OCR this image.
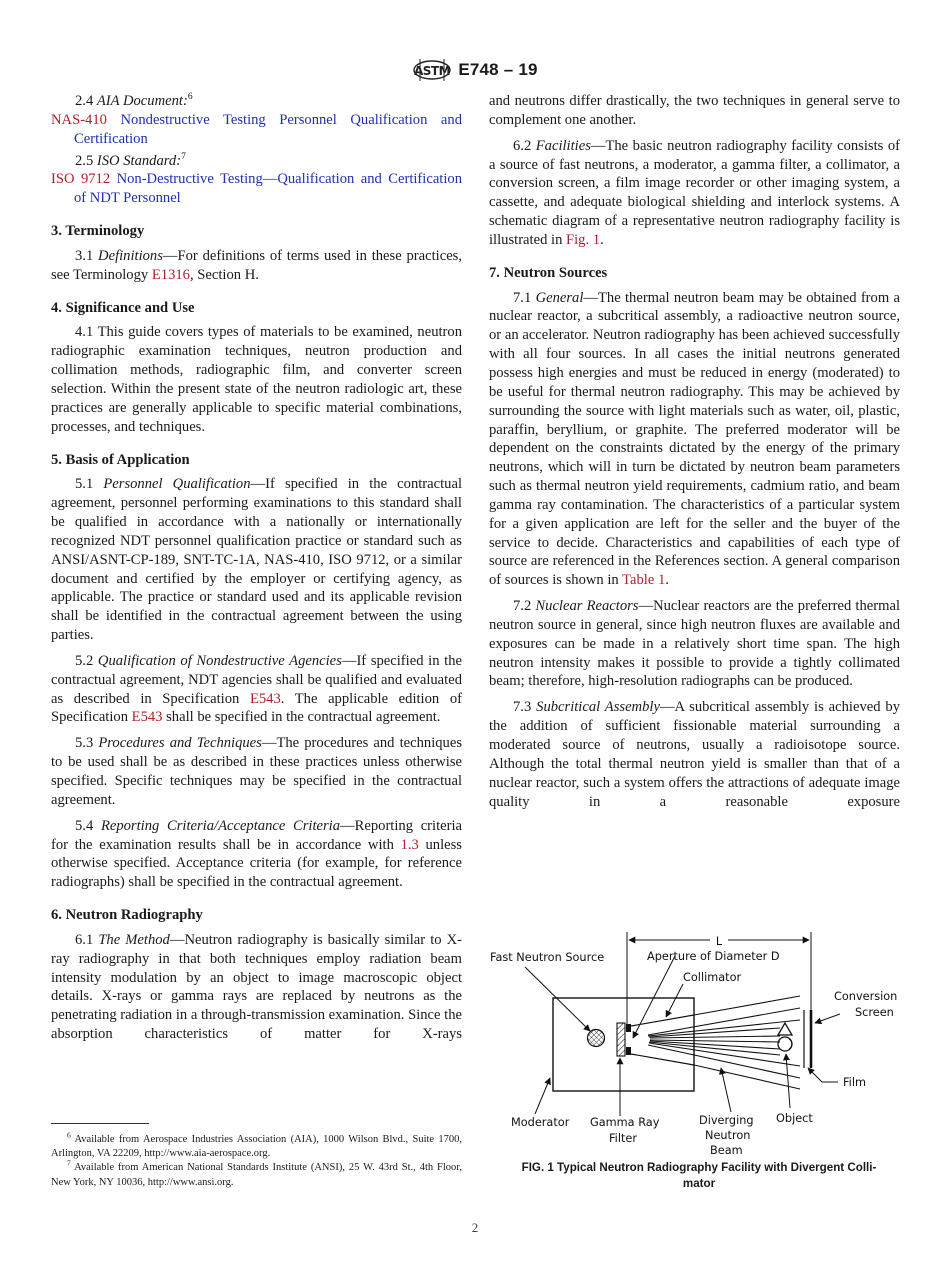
ASTM E748 – 19

2.4 AIA Document:$^6$

NAS-410 Nondestructive Testing Personnel Qualification and Certification

2.5 ISO Standard:$^7$

ISO 9712 Non-Destructive Testing—Qualification and Certification of NDT Personnel

3. Terminology

3.1 Definitions—For definitions of terms used in these practices, see Terminology E1316, Section H.

4. Significance and Use

4.1 This guide covers types of materials to be examined, neutron radiographic examination techniques, neutron production and collimation methods, radiographic film, and converter screen selection. Within the present state of the neutron radiologic art, these practices are generally applicable to specific material combinations, processes, and techniques.

5. Basis of Application

5.1 Personnel Qualification—If specified in the contractual agreement, personnel performing examinations to this standard shall be qualified in accordance with a nationally or internationally recognized NDT personnel qualification practice or standard such as ANSI/ASNT-CP-189, SNT-TC-1A, NAS-410, ISO 9712, or a similar document and certified by the employer or certifying agency, as applicable. The practice or standard used and its applicable revision shall be identified in the contractual agreement between the using parties.

5.2 Qualification of Nondestructive Agencies—If specified in the contractual agreement, NDT agencies shall be qualified and evaluated as described in Specification E543. The applicable edition of Specification E543 shall be specified in the contractual agreement.

5.3 Procedures and Techniques—The procedures and techniques to be used shall be as described in these practices unless otherwise specified. Specific techniques may be specified in the contractual agreement.

5.4 Reporting Criteria/Acceptance Criteria—Reporting criteria for the examination results shall be in accordance with 1.3 unless otherwise specified. Acceptance criteria (for example, for reference radiographs) shall be specified in the contractual agreement.

6. Neutron Radiography

6.1 The Method—Neutron radiography is basically similar to X-ray radiography in that both techniques employ radiation beam intensity modulation by an object to image macroscopic object details. X-rays or gamma rays are replaced by neutrons as the penetrating radiation in a through-transmission examination. Since the absorption characteristics of matter for X-rays

$^6$ Available from Aerospace Industries Association (AIA), 1000 Wilson Blvd., Suite 1700, Arlington, VA 22209, http://www.aia-aerospace.org.

$^7$ Available from American National Standards Institute (ANSI), 25 W. 43rd St., 4th Floor, New York, NY 10036, http://www.ansi.org.

and neutrons differ drastically, the two techniques in general serve to complement one another.

6.2 Facilities—The basic neutron radiography facility consists of a source of fast neutrons, a moderator, a gamma filter, a collimator, a conversion screen, a film image recorder or other imaging system, a cassette, and adequate biological shielding and interlock systems. A schematic diagram of a representative neutron radiography facility is illustrated in Fig. 1.

7. Neutron Sources

7.1 General—The thermal neutron beam may be obtained from a nuclear reactor, a subcritical assembly, a radioactive neutron source, or an accelerator. Neutron radiography has been achieved successfully with all four sources. In all cases the initial neutrons generated possess high energies and must be reduced in energy (moderated) to be useful for thermal neutron radiography. This may be achieved by surrounding the source with light materials such as water, oil, plastic, paraffin, beryllium, or graphite. The preferred moderator will be dependent on the constraints dictated by the energy of the primary neutrons, which will in turn be dictated by neutron beam parameters such as thermal neutron yield requirements, cadmium ratio, and beam gamma ray contamination. The characteristics of a particular system for a given application are left for the seller and the buyer of the service to decide. Characteristics and capabilities of each type of source are referenced in the References section. A general comparison of sources is shown in Table 1.

7.2 Nuclear Reactors—Nuclear reactors are the preferred thermal neutron source in general, since high neutron fluxes are available and exposures can be made in a relatively short time span. The high neutron intensity makes it possible to provide a tightly collimated beam; therefore, high-resolution radiographs can be produced.

7.3 Subcritical Assembly—A subcritical assembly is achieved by the addition of sufficient fissionable material surrounding a moderated source of neutrons, usually a radioisotope source. Although the total thermal neutron yield is smaller than that of a nuclear reactor, such a system offers the attractions of adequate image quality in a reasonable exposure

L
Fast Neutron Source	Aperture of Diameter D
Collimator
Conversion
Screen
Film
Moderator Gamma Ray
Filter
Diverging
Neutron
Beam
Object
FIG. 1 Typical Neutron Radiography Facility with Divergent Colli-
mator
2
